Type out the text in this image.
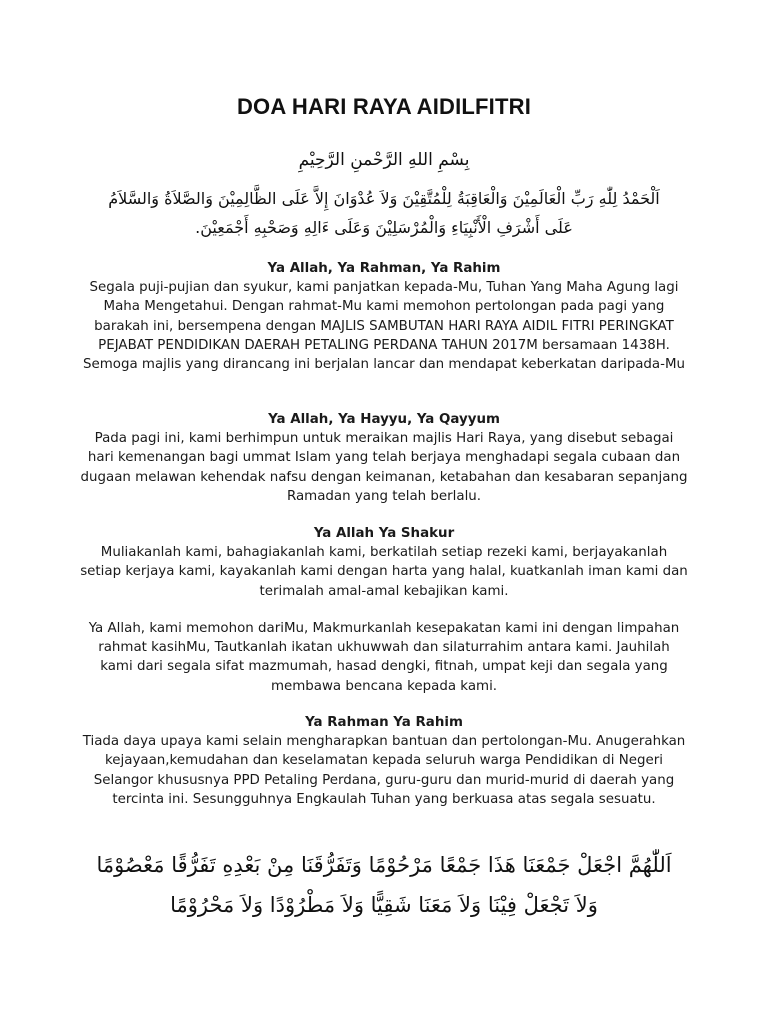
DOA HARI RAYA AIDILFITRI
بِسْمِ اللهِ الرَّحْمنِ الرَّحِيْمِ
اَلْحَمْدُ لِلّٰهِ رَبِّ الْعَالَمِيْنَ وَالْعَاقِبَةُ لِلْمُتَّقِيْنَ وَلاَ عُدْوَانَ إِلاَّ عَلَى الظَّالِمِيْنَ وَالصَّلاَةُ وَالسَّلاَمُ عَلَى أَشْرَفِ الْأَنْبِيَاءِ وَالْمُرْسَلِيْنَ وَعَلَى ءَالِهِ وَصَحْبِهِ أَجْمَعِيْنَ.
Ya Allah, Ya Rahman, Ya Rahim
Segala puji-pujian dan syukur, kami panjatkan kepada-Mu, Tuhan Yang Maha Agung lagi Maha Mengetahui. Dengan rahmat-Mu kami memohon pertolongan pada pagi yang barakah ini, bersempena dengan MAJLIS SAMBUTAN HARI RAYA AIDIL FITRI PERINGKAT PEJABAT PENDIDIKAN DAERAH PETALING PERDANA TAHUN 2017M bersamaan 1438H. Semoga majlis yang dirancang ini berjalan lancar dan mendapat keberkatan daripada-Mu
Ya Allah, Ya Hayyu, Ya Qayyum
Pada pagi ini, kami berhimpun untuk meraikan majlis Hari Raya, yang disebut sebagai hari kemenangan bagi ummat Islam yang telah berjaya menghadapi segala cubaan dan dugaan melawan kehendak nafsu dengan keimanan, ketabahan dan kesabaran sepanjang Ramadan yang telah berlalu.
Ya Allah Ya Shakur
Muliakanlah kami, bahagiakanlah kami, berkatilah setiap rezeki kami, berjayakanlah setiap kerjaya kami, kayakanlah kami dengan harta yang halal, kuatkanlah iman kami dan terimalah amal-amal kebajikan kami.
Ya Allah, kami memohon dariMu, Makmurkanlah kesepakatan kami ini dengan limpahan rahmat kasihMu, Tautkanlah ikatan ukhuwwah dan silaturrahim antara kami. Jauhilah kami dari segala sifat mazmumah, hasad dengki, fitnah, umpat keji dan segala yang membawa bencana kepada kami.
Ya Rahman Ya Rahim
Tiada daya upaya kami selain mengharapkan bantuan dan pertolongan-Mu. Anugerahkan kejayaan,kemudahan dan keselamatan kepada seluruh warga Pendidikan di Negeri Selangor khususnya PPD Petaling Perdana, guru-guru dan murid-murid di daerah yang tercinta ini. Sesungguhnya Engkaulah Tuhan yang berkuasa atas segala sesuatu.
اَللّٰهُمَّ اجْعَلْ جَمْعَنَا هَذَا جَمْعًا مَرْحُوْمًا وَتَفَرُّقَنَا مِنْ بَعْدِهِ تَفَرُّقًا مَعْصُوْمًا وَلاَ تَجْعَلْ فِيْنَا وَلاَ مَعَنَا شَقِيًّا وَلاَ مَطْرُوْدًا وَلاَ مَحْرُوْمًا
